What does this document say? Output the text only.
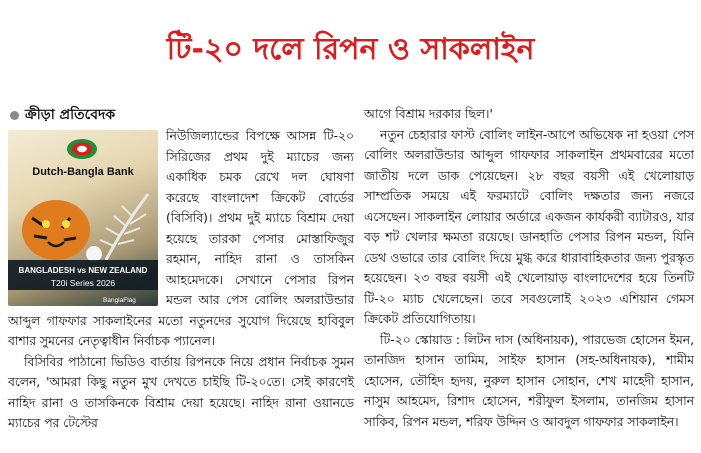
টি-২০ দলে রিপন ও সাকলাইন
ক্রীড়া প্রতিবেদক
Dutch-Bangla Bank
BANGLADESH vs NEW ZEALAND
T20i Series 2026
BanglaFlag

নিউজিল্যান্ডের বিপক্ষে আসন্ন টি-২০ সিরিজের প্রথম দুই ম্যাচের জন্য একাধিক চমক রেখে দল ঘোষণা করেছে বাংলাদেশ ক্রিকেট বোর্ডের (বিসিবি)। প্রথম দুই ম্যাচে বিশ্রাম দেয়া হয়েছে তারকা পেসার মোস্তাফিজুর রহমান, নাহিদ রানা ও তাসকিন আহমেদকে। সেখানে পেসার রিপন মন্ডল আর পেস বোলিং অলরাউন্ডার আব্দুল গাফফার সাকলাইনের মতো নতুনদের সুযোগ দিয়েছে হাবিবুল বাশার সুমনের নেতৃত্বাধীন নির্বাচক প্যানেল।

বিসিবির পাঠানো ভিডিও বার্তায় রিপনকে নিয়ে প্রধান নির্বাচক সুমন বলেন, 'আমরা কিছু নতুন মুখ দেখতে চাইছি টি-২০তে। সেই কারণেই নাহিদ রানা ও তাসকিনকে বিশ্রাম দেয়া হয়েছে। নাহিদ রানা ওয়ানডে ম্যাচের পর টেস্টের

আগে বিশ্রাম দরকার ছিল।'

নতুন চেহারার ফাস্ট বোলিং লাইন-আপে অভিষেক না হওয়া পেস বোলিং অলরাউন্ডার আব্দুল গাফফার সাকলাইন প্রথমবারের মতো জাতীয় দলে ডাক পেয়েছেন। ২৮ বছর বয়সী এই খেলোয়াড় সাম্প্রতিক সময়ে এই ফরম্যাটে বোলিং দক্ষতার জন্য নজরে এসেছেন। সাকলাইন লোয়ার অর্ডারে একজন কার্যকরী ব্যাটারও, যার বড় শট খেলার ক্ষমতা রয়েছে। ডানহাতি পেসার রিপন মন্ডল, যিনি ডেথ ওভারে তার বোলিং দিয়ে মুগ্ধ করে ধারাবাহিকতার জন্য পুরস্কৃত হয়েছেন। ২৩ বছর বয়সী এই খেলোয়াড় বাংলাদেশের হয়ে তিনটি টি-২০ ম্যাচ খেলেছেন। তবে সবগুলোই ২০২৩ এশিয়ান গেমস ক্রিকেট প্রতিযোগিতায়।

টি-২০ স্কোয়াড : লিটন দাস (অধিনায়ক), পারভেজ হোসেন ইমন, তানজিদ হাসান তামিম, সাইফ হাসান (সহ-অধিনায়ক), শামীম হোসেন, তৌহিদ হৃদয়, নুরুল হাসান সোহান, শেখ মাহেদী হাসান, নাসুম আহমেদ, রিশাদ হোসেন, শরীফুল ইসলাম, তানজিম হাসান সাকিব, রিপন মন্ডল, শরিফ উদ্দিন ও আবদুল গাফফার সাকলাইন।
